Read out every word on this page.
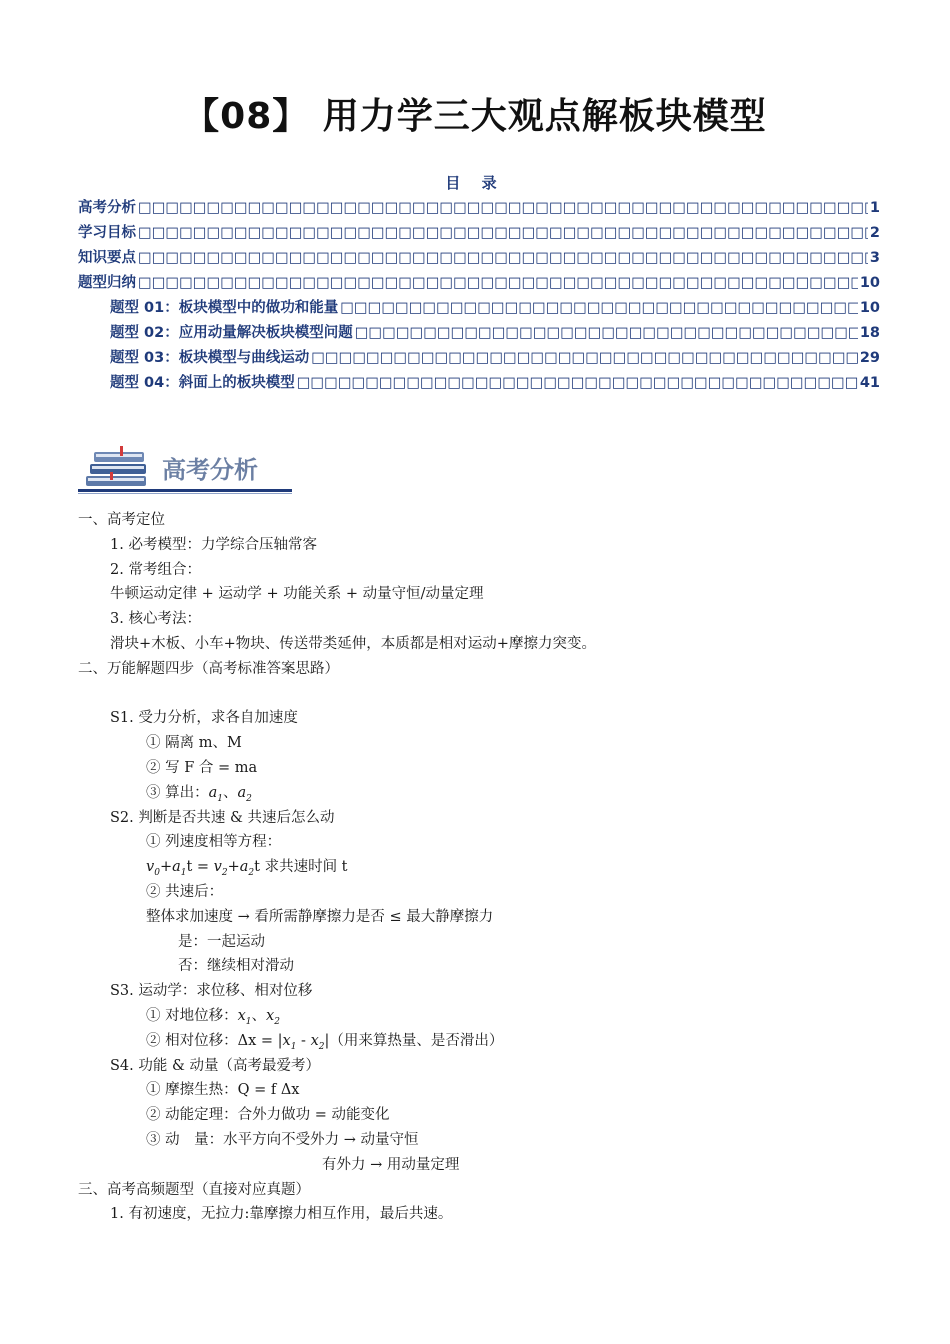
【08】 用力学三大观点解板块模型
目 录
高考分析 □□□□□□□□□□□□□□□□□□□□□□□□□□□□□□□□□□□□□□□□□□□□□□□□□□□□□□□□□□□□□□□□□□□□□□□□□□□□□□□□□□□□□□□□□□□□□□□□□□□□□□□□□□□□□□□□□□□	1
学习目标 □□□□□□□□□□□□□□□□□□□□□□□□□□□□□□□□□□□□□□□□□□□□□□□□□□□□□□□□□□□□□□□□□□□□□□□□□□□□□□□□□□□□□□□□□□□□□□□□□□□□□□□□□□□□□□□□□□□	2
知识要点 □□□□□□□□□□□□□□□□□□□□□□□□□□□□□□□□□□□□□□□□□□□□□□□□□□□□□□□□□□□□□□□□□□□□□□□□□□□□□□□□□□□□□□□□□□□□□□□□□□□□□□□□□□□□□□□□□□□	3
题型归纳 □□□□□□□□□□□□□□□□□□□□□□□□□□□□□□□□□□□□□□□□□□□□□□□□□□□□□□□□□□□□□□□□□□□□□□□□□□□□□□□□□□□□□□□□□□□□□□□□□□□□□□□□□□□□□□□□□□□	10
题型 01：板块模型中的做功和能量 □□□□□□□□□□□□□□□□□□□□□□□□□□□□□□□□□□□□□□□□□□□□□□□□□□□□□□□□□□□□□□□□□□□□□□□□□□□□□□□□□□□□□□□□□□□□□□□□□□□□□□□□□□□□□□□□□□□	10
题型 02：应用动量解决板块模型问题 □□□□□□□□□□□□□□□□□□□□□□□□□□□□□□□□□□□□□□□□□□□□□□□□□□□□□□□□□□□□□□□□□□□□□□□□□□□□□□□□□□□□□□□□□□□□□□□□□□□□□□□□□□□□□□□□□□□	18
题型 03：板块模型与曲线运动 □□□□□□□□□□□□□□□□□□□□□□□□□□□□□□□□□□□□□□□□□□□□□□□□□□□□□□□□□□□□□□□□□□□□□□□□□□□□□□□□□□□□□□□□□□□□□□□□□□□□□□□□□□□□□□□□□□□	29
题型 04：斜面上的板块模型 □□□□□□□□□□□□□□□□□□□□□□□□□□□□□□□□□□□□□□□□□□□□□□□□□□□□□□□□□□□□□□□□□□□□□□□□□□□□□□□□□□□□□□□□□□□□□□□□□□□□□□□□□□□□□□□□□□□	41
高考分析
一、高考定位
1. 必考模型：力学综合压轴常客
2. 常考组合：
牛顿运动定律 + 运动学 + 功能关系 + 动量守恒/动量定理
3. 核心考法：
滑块+木板、小车+物块、传送带类延伸，本质都是相对运动+摩擦力突变。
二、万能解题四步（高考标准答案思路）
S1. 受力分析，求各自加速度
① 隔离 m、M
② 写 F 合 = ma
③ 算出：$a_1$、$a_2$
S2. 判断是否共速 & 共速后怎么动
① 列速度相等方程：
$v_0+a_1t = v_2+a_2t$ 求共速时间 t
② 共速后：
整体求加速度 → 看所需静摩擦力是否 ≤ 最大静摩擦力
是：一起运动
否：继续相对滑动
S3. 运动学：求位移、相对位移
① 对地位移：$x_1$、$x_2$
② 相对位移：$\Delta x = |x_1 - x_2|$（用来算热量、是否滑出）
S4. 功能 & 动量（高考最爱考）
① 摩擦生热：Q = f Δx
② 动能定理：合外力做功 = 动能变化
③ 动　量：水平方向不受外力 → 动量守恒
有外力 → 用动量定理
三、高考高频题型（直接对应真题）
1. 有初速度，无拉力:靠摩擦力相互作用，最后共速。
